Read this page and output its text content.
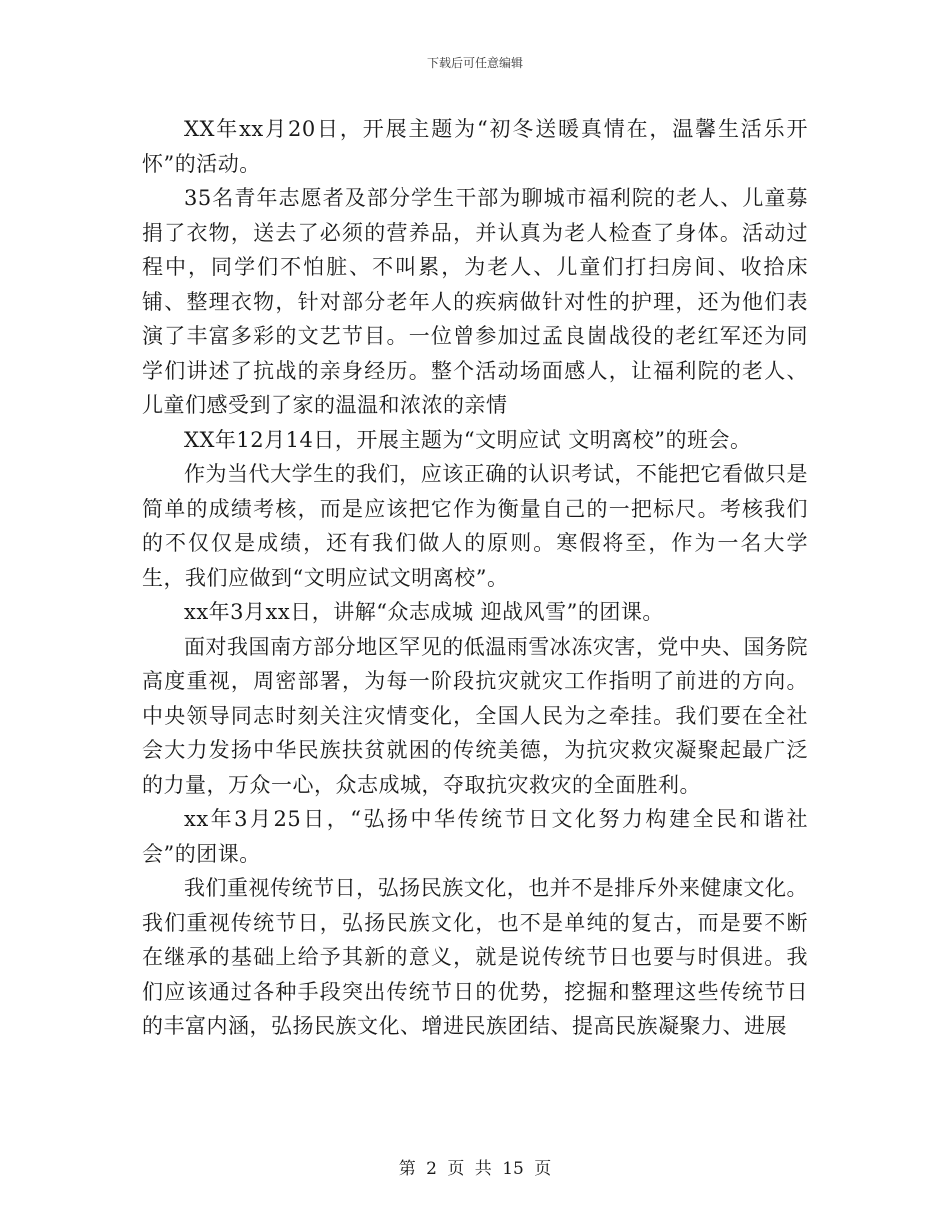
下载后可任意编辑

XX年xx月20日，开展主题为“初冬送暖真情在，温馨生活乐开怀”的活动。

35名青年志愿者及部分学生干部为聊城市福利院的老人、儿童募捐了衣物，送去了必须的营养品，并认真为老人检查了身体。活动过程中，同学们不怕脏、不叫累，为老人、儿童们打扫房间、收拾床铺、整理衣物，针对部分老年人的疾病做针对性的护理，还为他们表演了丰富多彩的文艺节目。一位曾参加过孟良崮战役的老红军还为同学们讲述了抗战的亲身经历。整个活动场面感人，让福利院的老人、儿童们感受到了家的温温和浓浓的亲情

XX年12月14日，开展主题为“文明应试 文明离校”的班会。

作为当代大学生的我们，应该正确的认识考试，不能把它看做只是简单的成绩考核，而是应该把它作为衡量自己的一把标尺。考核我们的不仅仅是成绩，还有我们做人的原则。寒假将至，作为一名大学生，我们应做到“文明应试文明离校”。

xx年3月xx日，讲解“众志成城 迎战风雪”的团课。

面对我国南方部分地区罕见的低温雨雪冰冻灾害，党中央、国务院高度重视，周密部署，为每一阶段抗灾就灾工作指明了前进的方向。中央领导同志时刻关注灾情变化，全国人民为之牵挂。我们要在全社会大力发扬中华民族扶贫就困的传统美德，为抗灾救灾凝聚起最广泛的力量，万众一心，众志成城，夺取抗灾救灾的全面胜利。

xx年3月25日，“弘扬中华传统节日文化努力构建全民和谐社会”的团课。

我们重视传统节日，弘扬民族文化，也并不是排斥外来健康文化。我们重视传统节日，弘扬民族文化，也不是单纯的复古，而是要不断在继承的基础上给予其新的意义，就是说传统节日也要与时俱进。我们应该通过各种手段突出传统节日的优势，挖掘和整理这些传统节日的丰富内涵，弘扬民族文化、增进民族团结、提高民族凝聚力、进展

第 2 页 共 15 页
